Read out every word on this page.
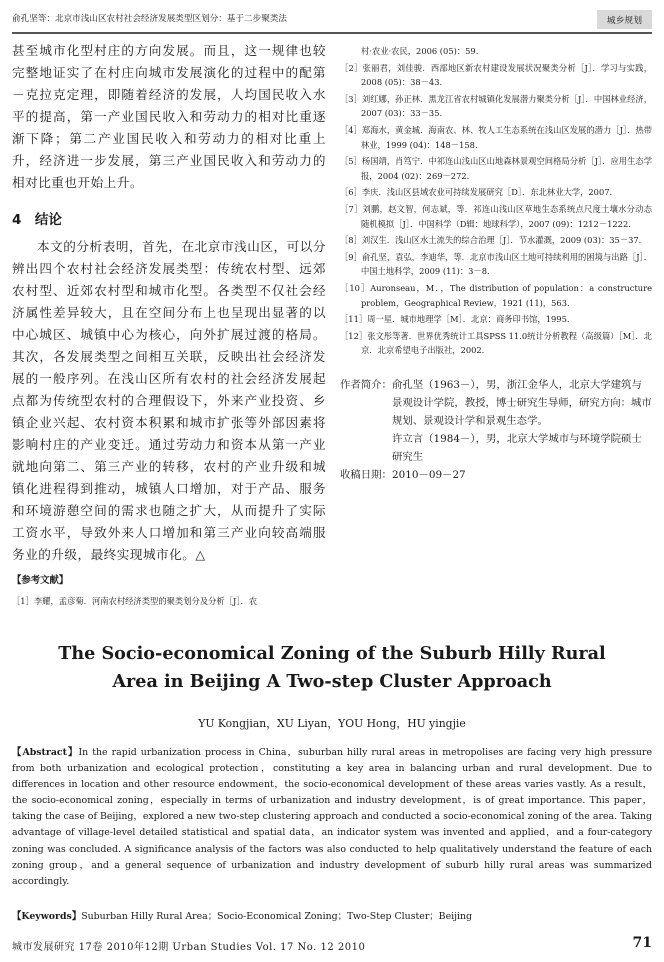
俞孔坚等：北京市浅山区农村社会经济发展类型区划分：基于二步聚类法	城乡规划

甚至城市化型村庄的方向发展。而且，这一规律也较完整地证实了在村庄向城市发展演化的过程中的配第－克拉克定理，即随着经济的发展，人均国民收入水平的提高，第一产业国民收入和劳动力的相对比重逐渐下降；第二产业国民收入和劳动力的相对比重上升，经济进一步发展，第三产业国民收入和劳动力的相对比重也开始上升。

4　结论

本文的分析表明，首先，在北京市浅山区，可以分辨出四个农村社会经济发展类型：传统农村型、远郊农村型、近郊农村型和城市化型。各类型不仅社会经济属性差异较大，且在空间分布上也呈现出显著的以中心城区、城镇中心为核心，向外扩展过渡的格局。其次，各发展类型之间相互关联，反映出社会经济发展的一般序列。在浅山区所有农村的社会经济发展起点都为传统型农村的合理假设下，外来产业投资、乡镇企业兴起、农村资本积累和城市扩张等外部因素将影响村庄的产业变迁。通过劳动力和资本从第一产业就地向第二、第三产业的转移，农村的产业升级和城镇化进程得到推动，城镇人口增加，对于产品、服务和环境游憩空间的需求也随之扩大，从而提升了实际工资水平，导致外来人口增加和第三产业向较高端服务业的升级，最终实现城市化。△

【参考文献】

［1］李耀，孟彦菊．河南农村经济类型的聚类划分及分析［J］．农

村·农业·农民，2006 (05)：59.

［2］张丽君，刘佳骏．西部地区新农村建设发展状况聚类分析［J］．学习与实践，2008 (05)：38－43.

［3］刘红娜，孙正林．黑龙江省农村城镇化发展潜力聚类分析［J］．中国林业经济，2007 (03)：33－35.

［4］郑海水，黄金城．海南农、林、牧人工生态系统在浅山区发展的潜力［J］．热带林业，1999 (04)：148－158.

［5］杨国靖，肖笃宁．中祁连山浅山区山地森林景观空间格局分析［J］．应用生态学报，2004 (02)：269－272.

［6］李庆．浅山区县域农业可持续发展研究［D］．东北林业大学，2007.

［7］刘鹏，赵文智，何志斌，等．祁连山浅山区草地生态系统点尺度土壤水分动态随机模拟［J］．中国科学（D辑：地球科学），2007 (09)：1212－1222.

［8］刘汉生．浅山区水土流失的综合治理［J］．节水灌溉，2009 (03)：35－37.

［9］俞孔坚，袁弘，李迪华，等．北京市浅山区土地可持续利用的困境与出路［J］．中国土地科学，2009 (11)：3－8.

［10］Auronseau，M．，The distribution of population：a constructure problem，Geographical Review，1921 (11)，563.

［11］周一星．城市地理学［M］．北京：商务印书馆，1995.

［12］张文彤等著．世界优秀统计工具SPSS 11.0统计分析教程（高级篇）［M］．北京．北京希望电子出版社，2002.

作者简介： 俞孔坚（1963－），男，浙江金华人，北京大学建筑与景观设计学院，教授，博士研究生导师，研究方向：城市规划、景观设计学和景观生态学。
许立言（1984－），男，北京大学城市与环境学院硕士研究生
收稿日期： 2010－09－27
The Socio-economical Zoning of the Suburb Hilly Rural
Area in Beijing A Two-step Cluster Approach
YU Kongjian，XU Liyan，YOU Hong，HU yingjie
【Abstract】In the rapid urbanization process in China，suburban hilly rural areas in metropolises are facing very high pressure from both urbanization and ecological protection，constituting a key area in balancing urban and rural development. Due to differences in location and other resource endowment，the socio-economical development of these areas varies vastly. As a result，the socio-economical zoning，especially in terms of urbanization and industry development，is of great importance. This paper，taking the case of Beijing，explored a new two-step clustering approach and conducted a socio-economical zoning of the area. Taking advantage of village-level detailed statistical and spatial data，an indicator system was invented and applied，and a four-category zoning was concluded. A significance analysis of the factors was also conducted to help qualitatively understand the feature of each zoning group，and a general sequence of urbanization and industry development of suburb hilly rural areas was summarized accordingly.
【Keywords】Suburban Hilly Rural Area；Socio-Economical Zoning；Two-Step Cluster；Beijing
城市发展研究 17卷 2010年12期 Urban Studies Vol. 17 No. 12 2010	71
